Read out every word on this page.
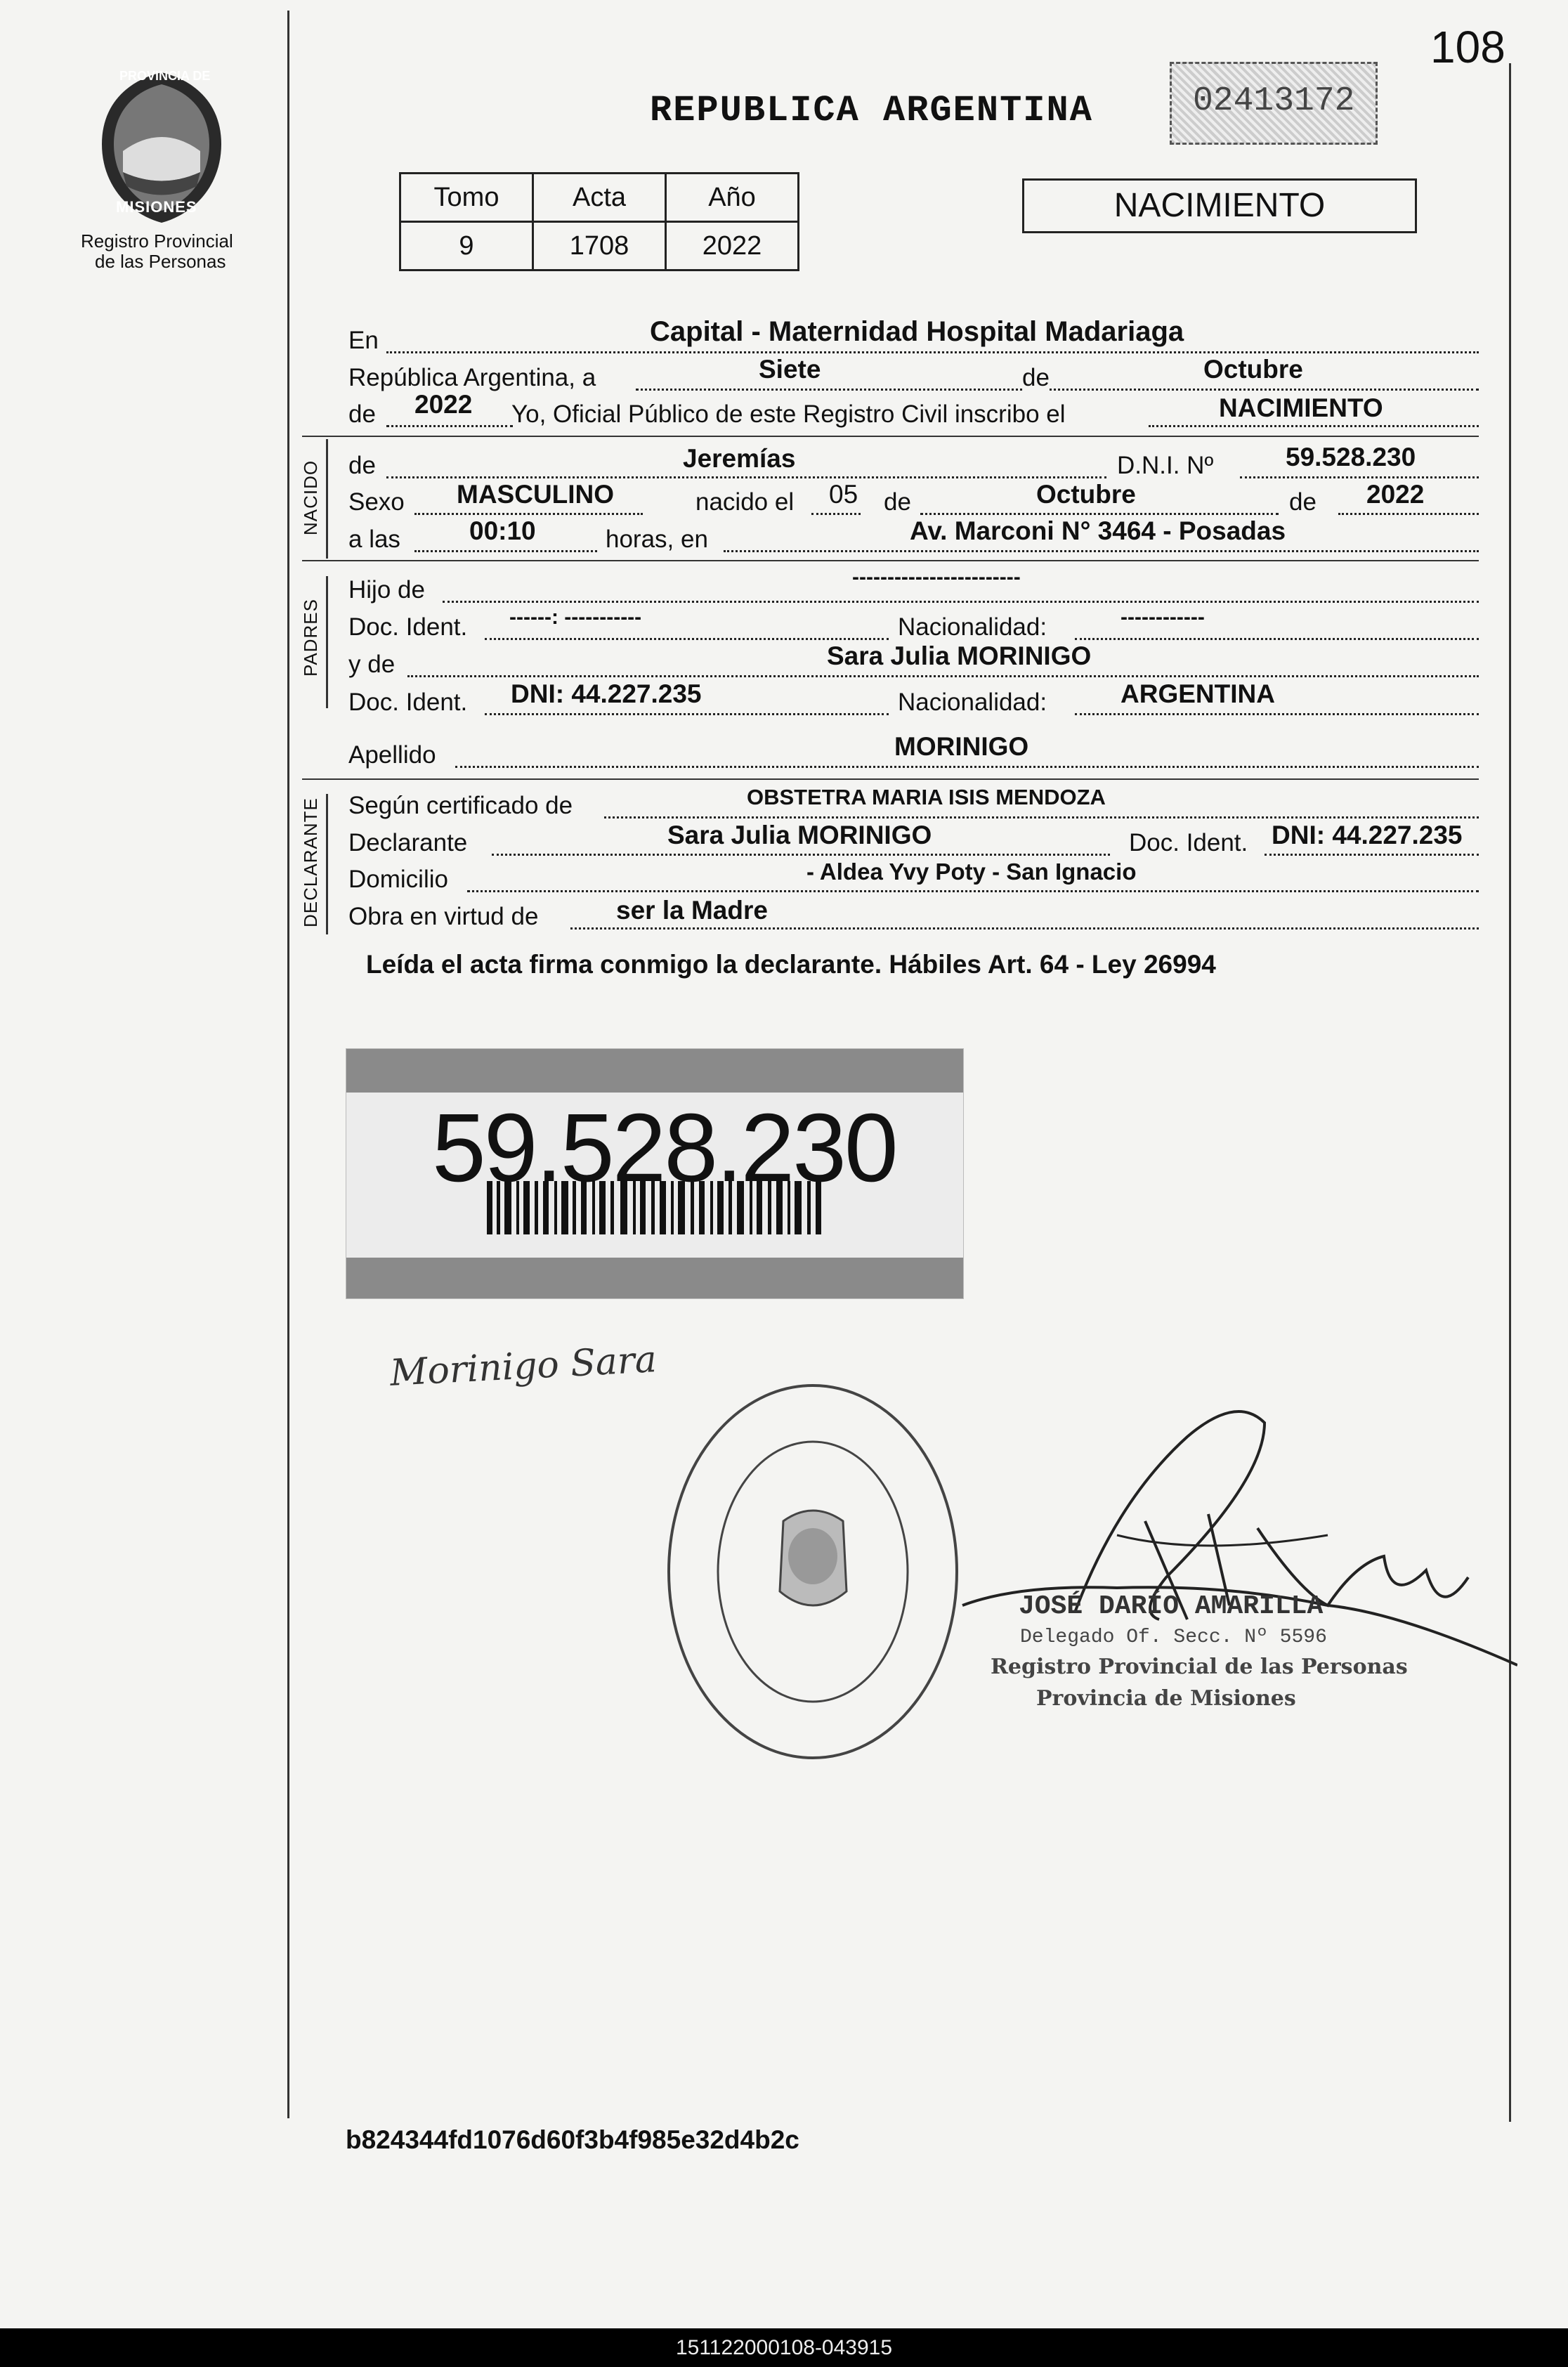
108
PROVINCIA DE
MISIONES
Registro Provincial
de las Personas
REPUBLICA ARGENTINA	02413172
Tomo	Acta	Año
9	1708	2022
NACIMIENTO
En	Capital - Maternidad Hospital Madariaga
República Argentina, a	Siete	de	Octubre
de 2022 Yo, Oficial Público de este Registro Civil inscribo el	NACIMIENTO
NACIDO de	Jeremías	D.N.I. Nº	59.528.230
Sexo MASCULINO	nacido el 05 de	Octubre	de 2022
a las	00:10	horas, en	Av. Marconi N° 3464 - Posadas
PADRES
Hijo de	------------------------
Doc. Ident. ------: -----------	Nacionalidad:	------------
y de	Sara Julia MORINIGO
Doc. Ident. DNI: 44.227.235	Nacionalidad:	ARGENTINA
Apellido	MORINIGO
DECLARANTE Según certificado de	OBSTETRA MARIA ISIS MENDOZA
Declarante	Sara Julia MORINIGO	Doc. Ident. DNI: 44.227.235
Domicilio	- Aldea Yvy Poty - San Ignacio
Obra en virtud de	ser la Madre
Leída el acta firma conmigo la declarante. Hábiles Art. 64 - Ley 26994
59.528.230
Morinigo Sara
JOSÉ DARÍO AMARILLA
Delegado Of. Secc. Nº 5596
Registro Provincial de las Personas
Provincia de Misiones
b824344fd1076d60f3b4f985e32d4b2c
151122000108-043915
